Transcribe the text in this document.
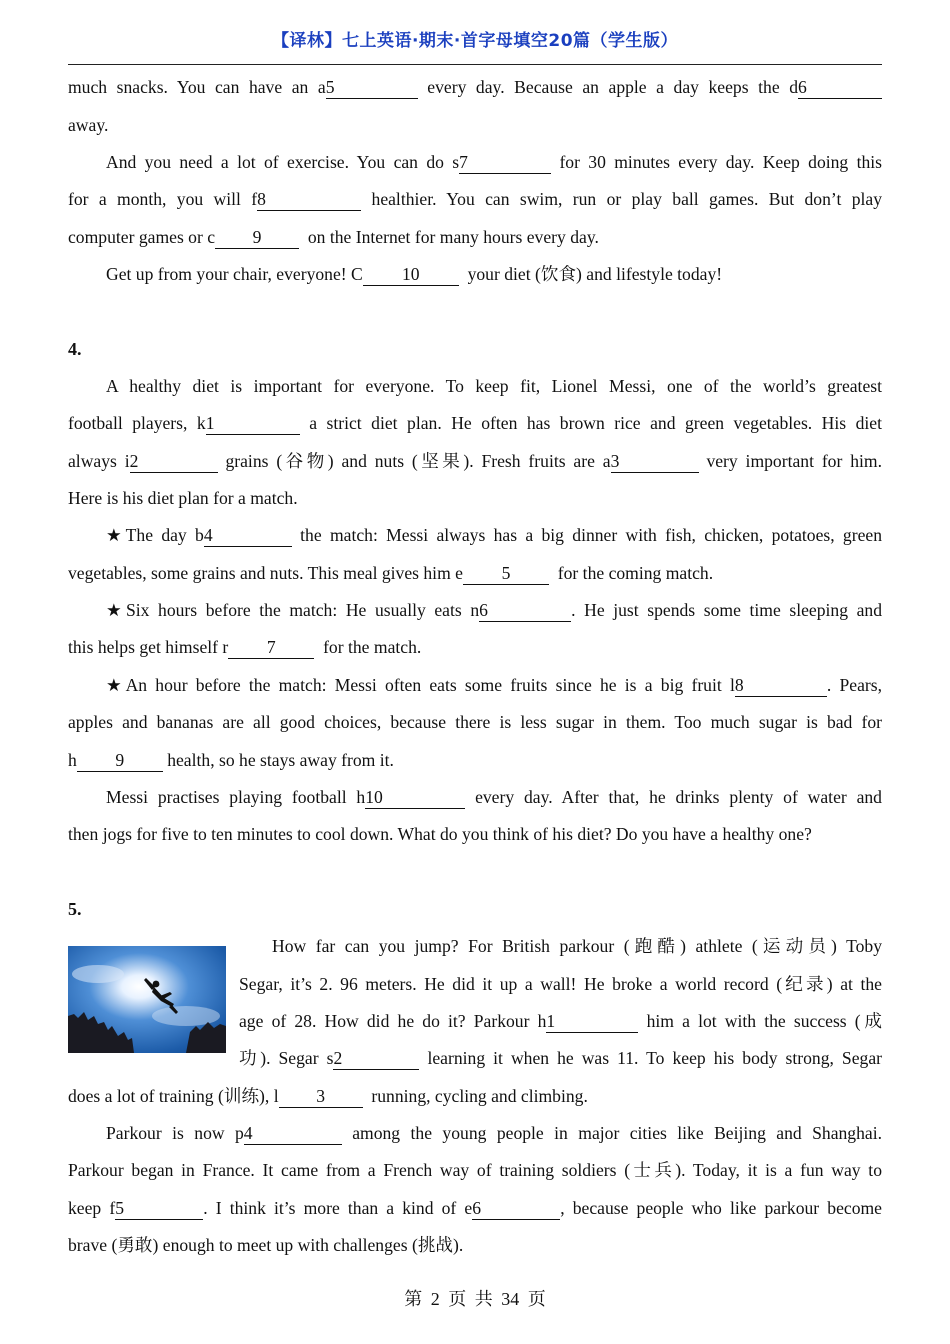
【译林】七上英语·期末·首字母填空20篇（学生版）
much snacks. You can have an a5	every day. Because an apple a day keeps the d6
away.
And you need a lot of exercise. You can do s7	for 30 minutes every day. Keep doing this
for a month, you will f8	healthier. You can swim, run or play ball games. But don’t play
computer games or c 9	on the Internet for many hours every day.
Get up from your chair, everyone! C 10	your diet (饮食) and lifestyle today!
4.
A healthy diet is important for everyone. To keep fit, Lionel Messi, one of the world’s greatest
football players, k1	a strict diet plan. He often has brown rice and green vegetables. His diet
always i2	grains (谷物) and nuts (坚果). Fresh fruits are a3	very important for him.
Here is his diet plan for a match.
★The day b4	the match: Messi always has a big dinner with fish, chicken, potatoes, green
vegetables, some grains and nuts. This meal gives him e 5	for the coming match.
★Six hours before the match: He usually eats n6	. He just spends some time sleeping and
this helps get himself r 7	for the match.
★An hour before the match: Messi often eats some fruits since he is a big fruit l8	. Pears,
apples and bananas are all good choices, because there is less sugar in them. Too much sugar is bad for
h 9 health, so he stays away from it.
Messi practises playing football h10	every day. After that, he drinks plenty of water and
then jogs for five to ten minutes to cool down. What do you think of his diet? Do you have a healthy one?
5.
How far can you jump? For British parkour (跑酷) athlete (运动员) Toby
Segar, it’s 2. 96 meters. He did it up a wall! He broke a world record (纪录) at the
age of 28. How did he do it? Parkour h1	him a lot with the success (成
功). Segar s2	learning it when he was 11. To keep his body strong, Segar
does a lot of training (训练), l 3	running, cycling and climbing.
Parkour is now p4	among the young people in major cities like Beijing and Shanghai.
Parkour began in France. It came from a French way of training soldiers (士兵). Today, it is a fun way to
keep f5	. I think it’s more than a kind of e6	, because people who like parkour become
brave (勇敢) enough to meet up with challenges (挑战).
第 2 页 共 34 页
